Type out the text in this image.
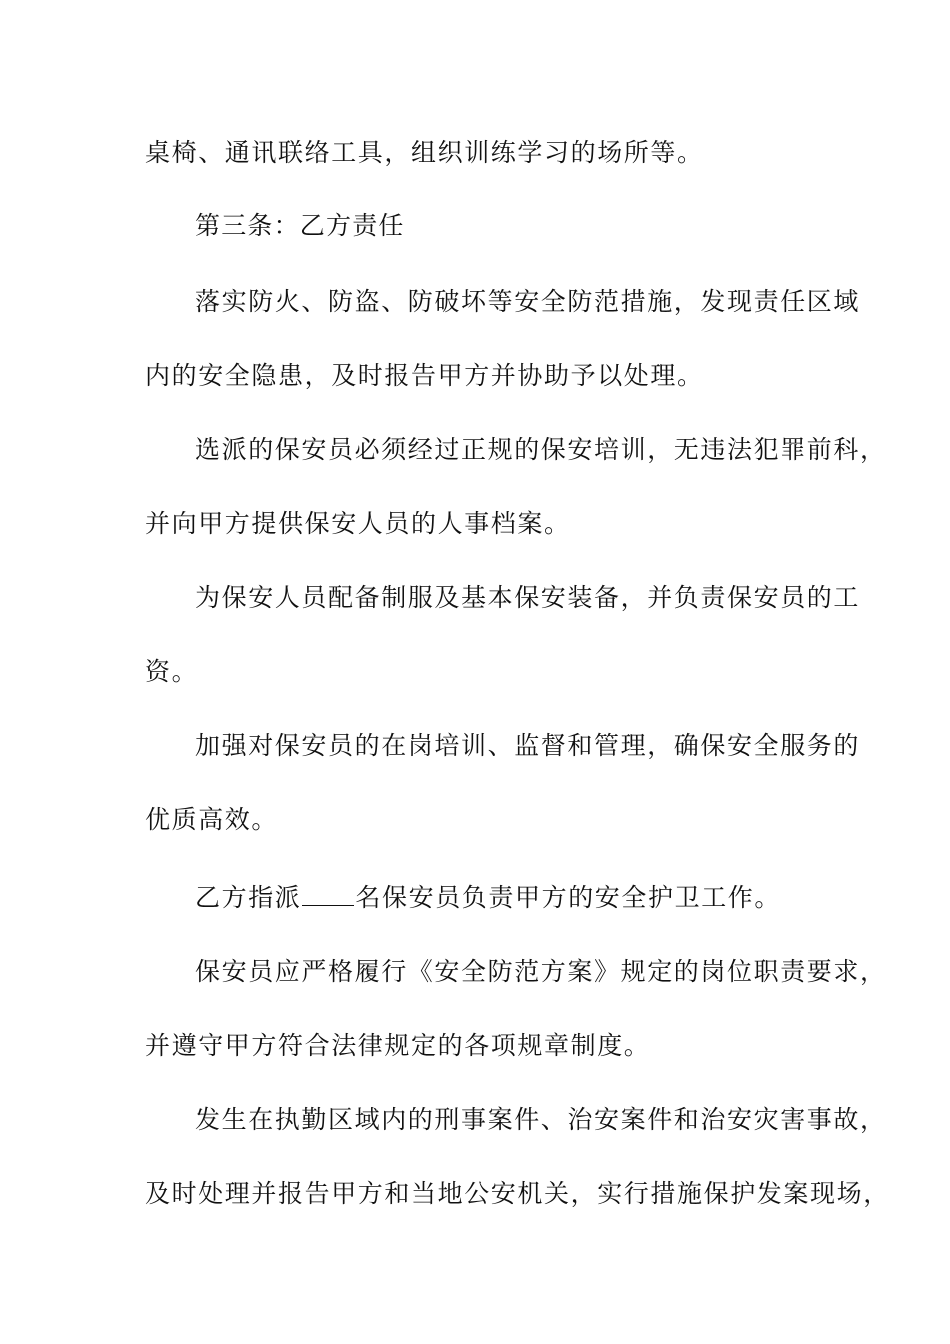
桌椅、通讯联络工具，组织训练学习的场所等。
第三条：乙方责任
落实防火、防盗、防破坏等安全防范措施，发现责任区域
内的安全隐患，及时报告甲方并协助予以处理。
选派的保安员必须经过正规的保安培训，无违法犯罪前科，
并向甲方提供保安人员的人事档案。
为保安人员配备制服及基本保安装备，并负责保安员的工
资。
加强对保安员的在岗培训、监督和管理，确保安全服务的
优质高效。
乙方指派 名保安员负责甲方的安全护卫工作。
保安员应严格履行《安全防范方案》规定的岗位职责要求，
并遵守甲方符合法律规定的各项规章制度。
发生在执勤区域内的刑事案件、治安案件和治安灾害事故，
及时处理并报告甲方和当地公安机关，实行措施保护发案现场，
